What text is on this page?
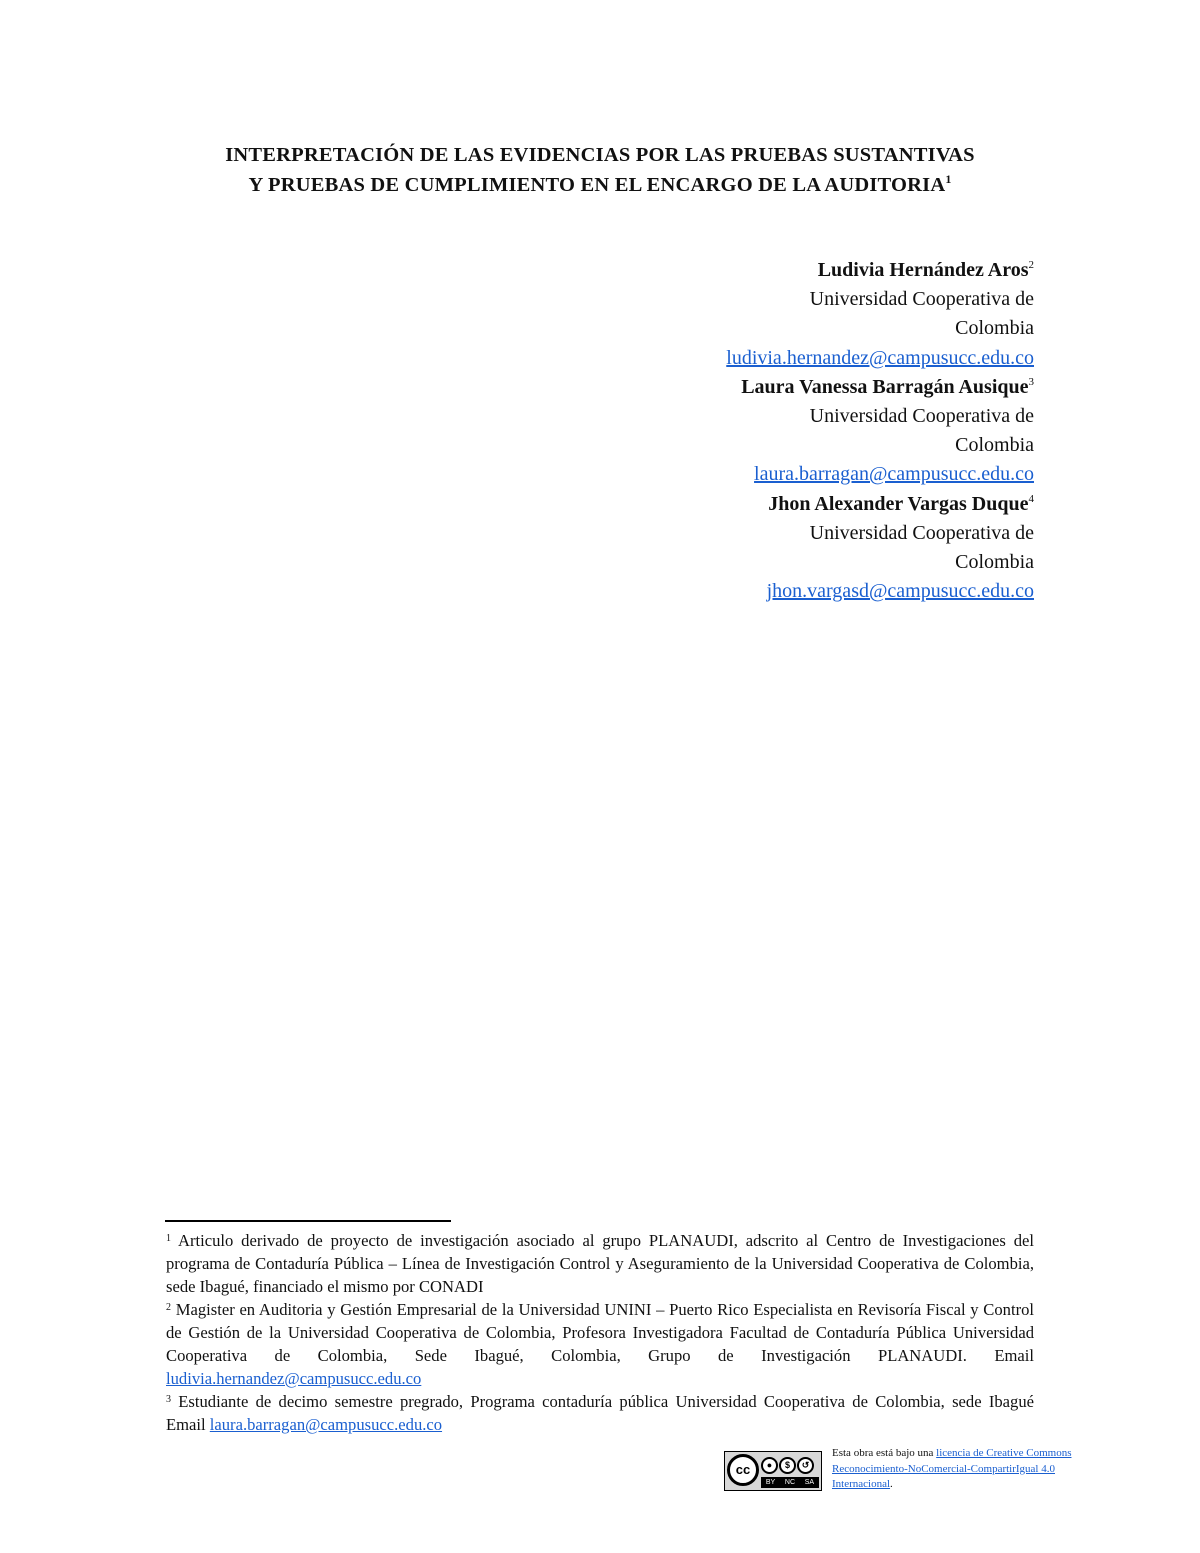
INTERPRETACIÓN DE LAS EVIDENCIAS POR LAS PRUEBAS SUSTANTIVAS
Y PRUEBAS DE CUMPLIMIENTO EN EL ENCARGO DE LA AUDITORIA$^1$
Ludivia Hernández Aros$^2$
Universidad Cooperativa de
Colombia
ludivia.hernandez@campusucc.edu.co
Laura Vanessa Barragán Ausique$^3$
Universidad Cooperativa de
Colombia
laura.barragan@campusucc.edu.co
Jhon Alexander Vargas Duque$^4$
Universidad Cooperativa de
Colombia
jhon.vargasd@campusucc.edu.co

$^1$ Articulo derivado de proyecto de investigación asociado al grupo PLANAUDI, adscrito al Centro de Investigaciones del programa de Contaduría Pública – Línea de Investigación Control y Aseguramiento de la Universidad Cooperativa de Colombia, sede Ibagué, financiado el mismo por CONADI

$^2$ Magister en Auditoria y Gestión Empresarial de la Universidad UNINI – Puerto Rico Especialista en Revisoría Fiscal y Control de Gestión de la Universidad Cooperativa de Colombia, Profesora Investigadora Facultad de Contaduría Pública Universidad Cooperativa de Colombia, Sede Ibagué, Colombia, Grupo de Investigación PLANAUDI. Email ludivia.hernandez@campusucc.edu.co

$^3$ Estudiante de decimo semestre pregrado, Programa contaduría pública Universidad Cooperativa de Colombia, sede Ibagué Email laura.barragan@campusucc.edu.co

cc	● $ ↺
BY NC SA
Esta obra está bajo una licencia de Creative Commons Reconocimiento-NoComercial-CompartirIgual 4.0 Internacional.
